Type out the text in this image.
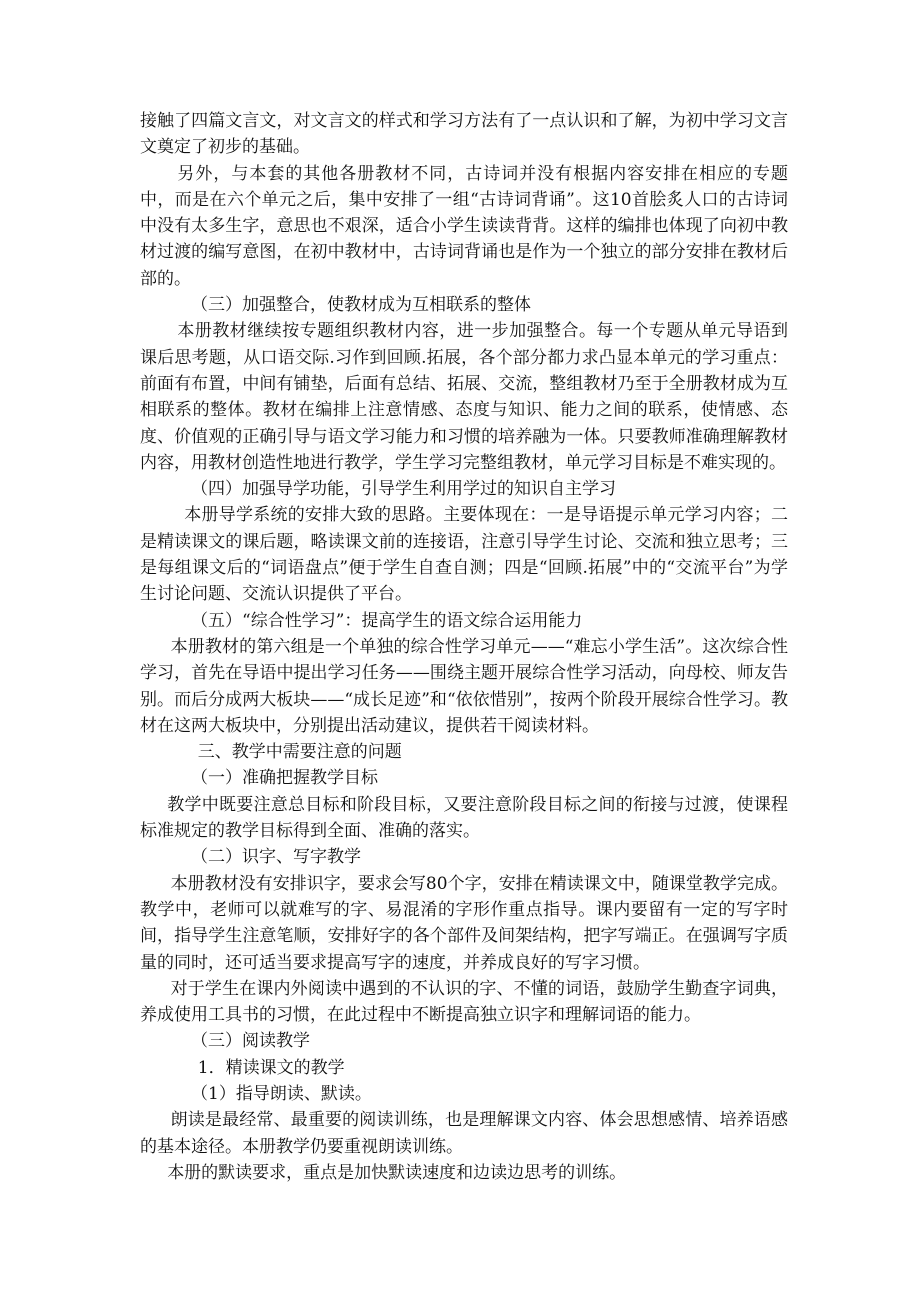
接触了四篇文言文，对文言文的样式和学习方法有了一点认识和了解，为初中学习文言文奠定了初步的基础。

另外，与本套的其他各册教材不同，古诗词并没有根据内容安排在相应的专题中，而是在六个单元之后，集中安排了一组“古诗词背诵”。这10首脍炙人口的古诗词中没有太多生字，意思也不艰深，适合小学生读读背背。这样的编排也体现了向初中教材过渡的编写意图，在初中教材中，古诗词背诵也是作为一个独立的部分安排在教材后部的。

（三）加强整合，使教材成为互相联系的整体

本册教材继续按专题组织教材内容，进一步加强整合。每一个专题从单元导语到课后思考题，从口语交际.习作到回顾.拓展，各个部分都力求凸显本单元的学习重点：前面有布置，中间有铺垫，后面有总结、拓展、交流，整组教材乃至于全册教材成为互相联系的整体。教材在编排上注意情感、态度与知识、能力之间的联系，使情感、态度、价值观的正确引导与语文学习能力和习惯的培养融为一体。只要教师准确理解教材内容，用教材创造性地进行教学，学生学习完整组教材，单元学习目标是不难实现的。

（四）加强导学功能，引导学生利用学过的知识自主学习

本册导学系统的安排大致的思路。主要体现在：一是导语提示单元学习内容；二是精读课文的课后题，略读课文前的连接语，注意引导学生讨论、交流和独立思考；三是每组课文后的“词语盘点”便于学生自查自测；四是“回顾.拓展”中的“交流平台”为学生讨论问题、交流认识提供了平台。

（五）“综合性学习”：提高学生的语文综合运用能力

本册教材的第六组是一个单独的综合性学习单元——“难忘小学生活”。这次综合性学习，首先在导语中提出学习任务——围绕主题开展综合性学习活动，向母校、师友告别。而后分成两大板块——“成长足迹”和“依依惜别”，按两个阶段开展综合性学习。教材在这两大板块中，分别提出活动建议，提供若干阅读材料。

三、教学中需要注意的问题

（一）准确把握教学目标

教学中既要注意总目标和阶段目标，又要注意阶段目标之间的衔接与过渡，使课程标准规定的教学目标得到全面、准确的落实。

（二）识字、写字教学

本册教材没有安排识字，要求会写80个字，安排在精读课文中，随课堂教学完成。教学中，老师可以就难写的字、易混淆的字形作重点指导。课内要留有一定的写字时间，指导学生注意笔顺，安排好字的各个部件及间架结构，把字写端正。在强调写字质量的同时，还可适当要求提高写字的速度，并养成良好的写字习惯。

对于学生在课内外阅读中遇到的不认识的字、不懂的词语，鼓励学生勤查字词典，养成使用工具书的习惯，在此过程中不断提高独立识字和理解词语的能力。

（三）阅读教学

1．精读课文的教学

（1）指导朗读、默读。

朗读是最经常、最重要的阅读训练，也是理解课文内容、体会思想感情、培养语感的基本途径。本册教学仍要重视朗读训练。

本册的默读要求，重点是加快默读速度和边读边思考的训练。
